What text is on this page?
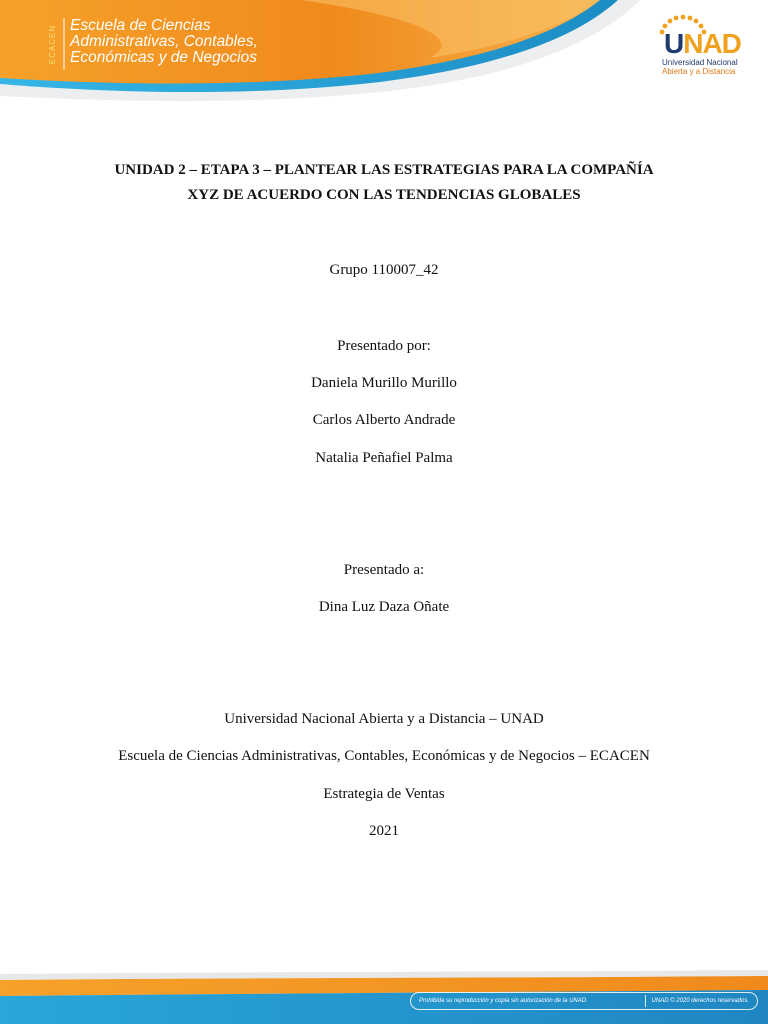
ECACEN Escuela de Ciencias
Administrativas, Contables,
Económicas y de Negocios	UNAD
Universidad Nacional
Abierta y a Distancia
UNIDAD 2 – ETAPA 3 – PLANTEAR LAS ESTRATEGIAS PARA LA COMPAÑÍA
XYZ DE ACUERDO CON LAS TENDENCIAS GLOBALES
Grupo 110007_42
Presentado por:
Daniela Murillo Murillo
Carlos Alberto Andrade
Natalia Peñafiel Palma
Presentado a:
Dina Luz Daza Oñate
Universidad Nacional Abierta y a Distancia – UNAD
Escuela de Ciencias Administrativas, Contables, Económicas y de Negocios – ECACEN
Estrategia de Ventas
2021
Prohibida su reproducción y copia sin autorización de la UNAD.	UNAD © 2020 derechos reservados.
